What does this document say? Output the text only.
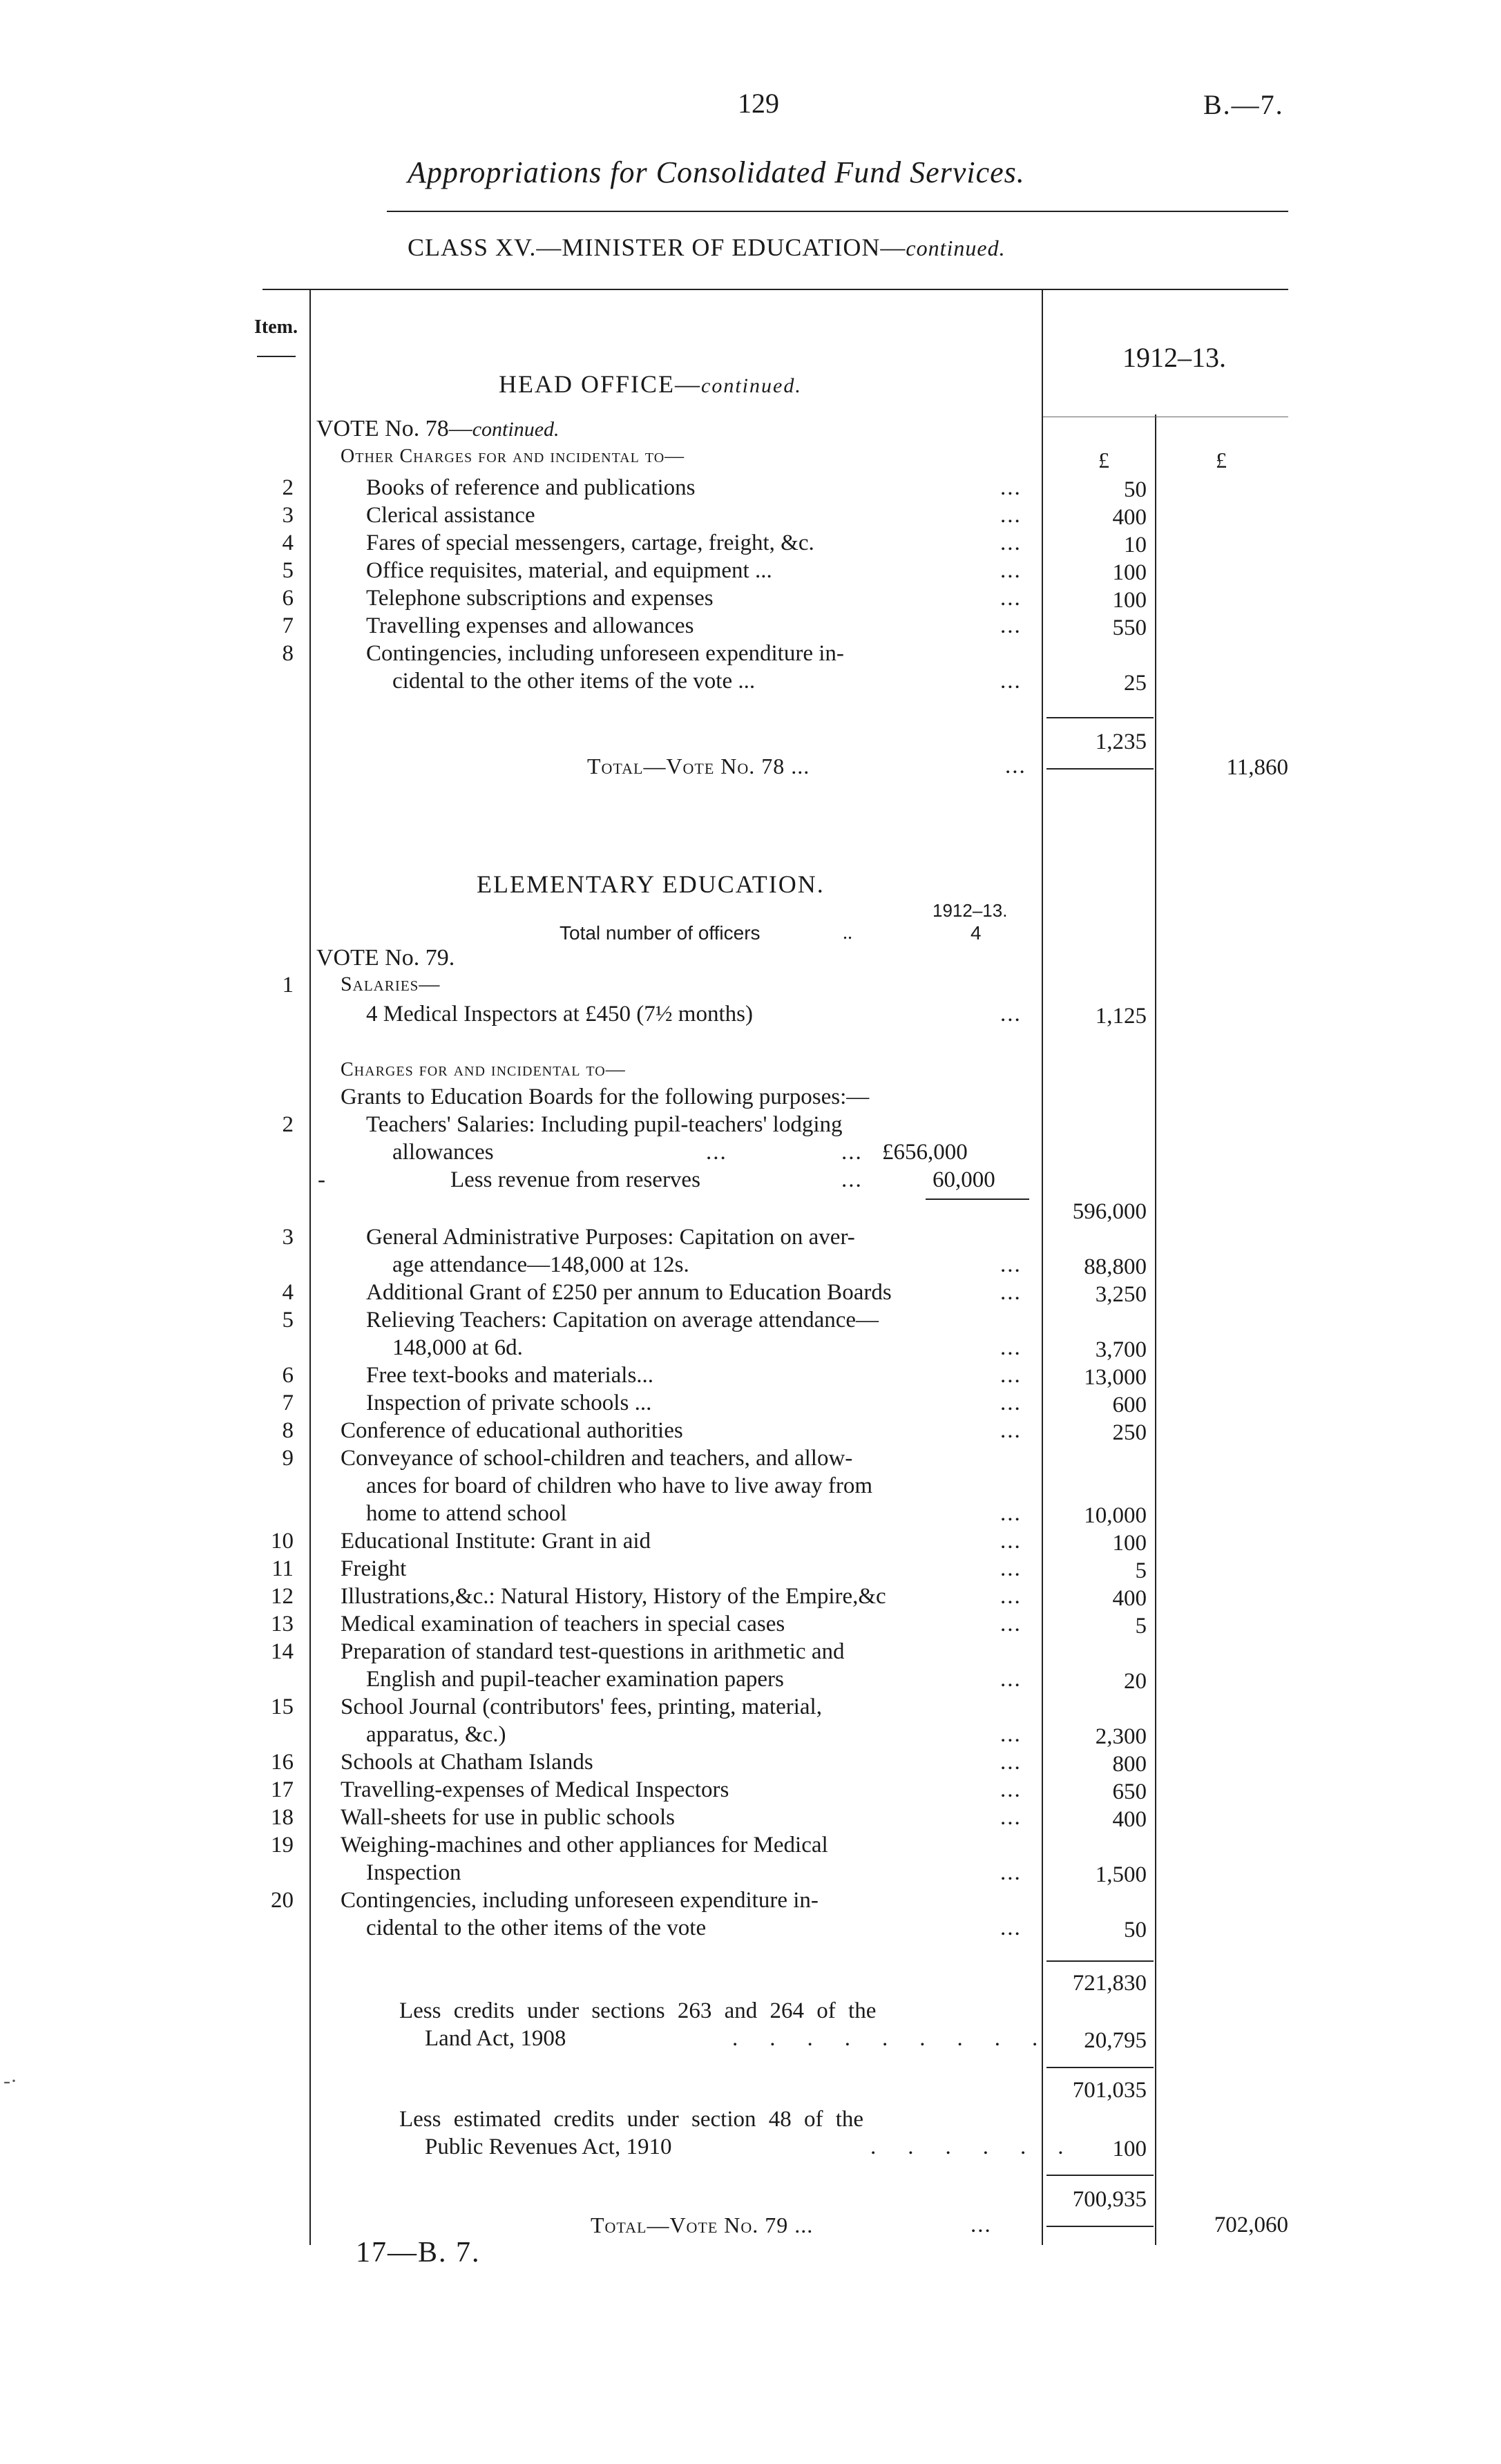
129	B.—7.
Appropriations for Consolidated Fund Services.
CLASS XV.—MINISTER OF EDUCATION—continued.
Item.
1912–13.
HEAD OFFICE—continued.
VOTE No. 78—continued.
Other Charges for and incidental to—	£	£
2	Books of reference and publications	50
...
3	Clerical assistance	400
...
4	Fares of special messengers, cartage, freight, &c.	10
...
5	Office requisites, material, and equipment ...	100
...
6	Telephone subscriptions and expenses	100
...
7	Travelling expenses and allowances	550
...
8	Contingencies, including unforeseen expenditure in-
cidental to the other items of the vote ...	25
...
1,235
Total—Vote No. 78 ...	...	11,860
ELEMENTARY EDUCATION.
1912–13.
Total number of officers	..	4
VOTE No. 79.
1 Salaries—
4 Medical Inspectors at £450 (7½ months)	...	1,125
Charges for and incidental to—
Grants to Education Boards for the following purposes:—
2	Teachers' Salaries: Including pupil-teachers' lodging
allowances	...	... £656,000
-	Less revenue from reserves	...	60,000
596,000
3	General Administrative Purposes: Capitation on aver-
age attendance—148,000 at 12s.	88,800
...
4	Additional Grant of £250 per annum to Education Boards	3,250
...
5	Relieving Teachers: Capitation on average attendance—
148,000 at 6d.	3,700
...
6	Free text-books and materials...	13,000
...
7	Inspection of private schools ...	600
...
8 Conference of educational authorities	250
...
9 Conveyance of school-children and teachers, and allow-
ances for board of children who have to live away from
home to attend school	10,000
...
10 Educational Institute: Grant in aid	100
...
11 Freight	5
...
12 Illustrations,&c.: Natural History, History of the Empire,&c	400
...
13 Medical examination of teachers in special cases	5
...
14 Preparation of standard test-questions in arithmetic and
English and pupil-teacher examination papers	20
...
15 School Journal (contributors' fees, printing, material,
apparatus, &c.)	2,300
...
16 Schools at Chatham Islands	800
...
17 Travelling-expenses of Medical Inspectors	650
...
18 Wall-sheets for use in public schools	400
...
19 Weighing-machines and other appliances for Medical
Inspection	1,500
...
20 Contingencies, including unforeseen expenditure in-
cidental to the other items of the vote	50
...
721,830
Less credits under sections 263 and 264 of the
Land Act, 1908	......... 20,795
701,035
Less estimated credits under section 48 of the
Public Revenues Act, 1910	...... 100
700,935
Total—Vote No. 79 ...	...	702,060
17—B. 7.
-·
